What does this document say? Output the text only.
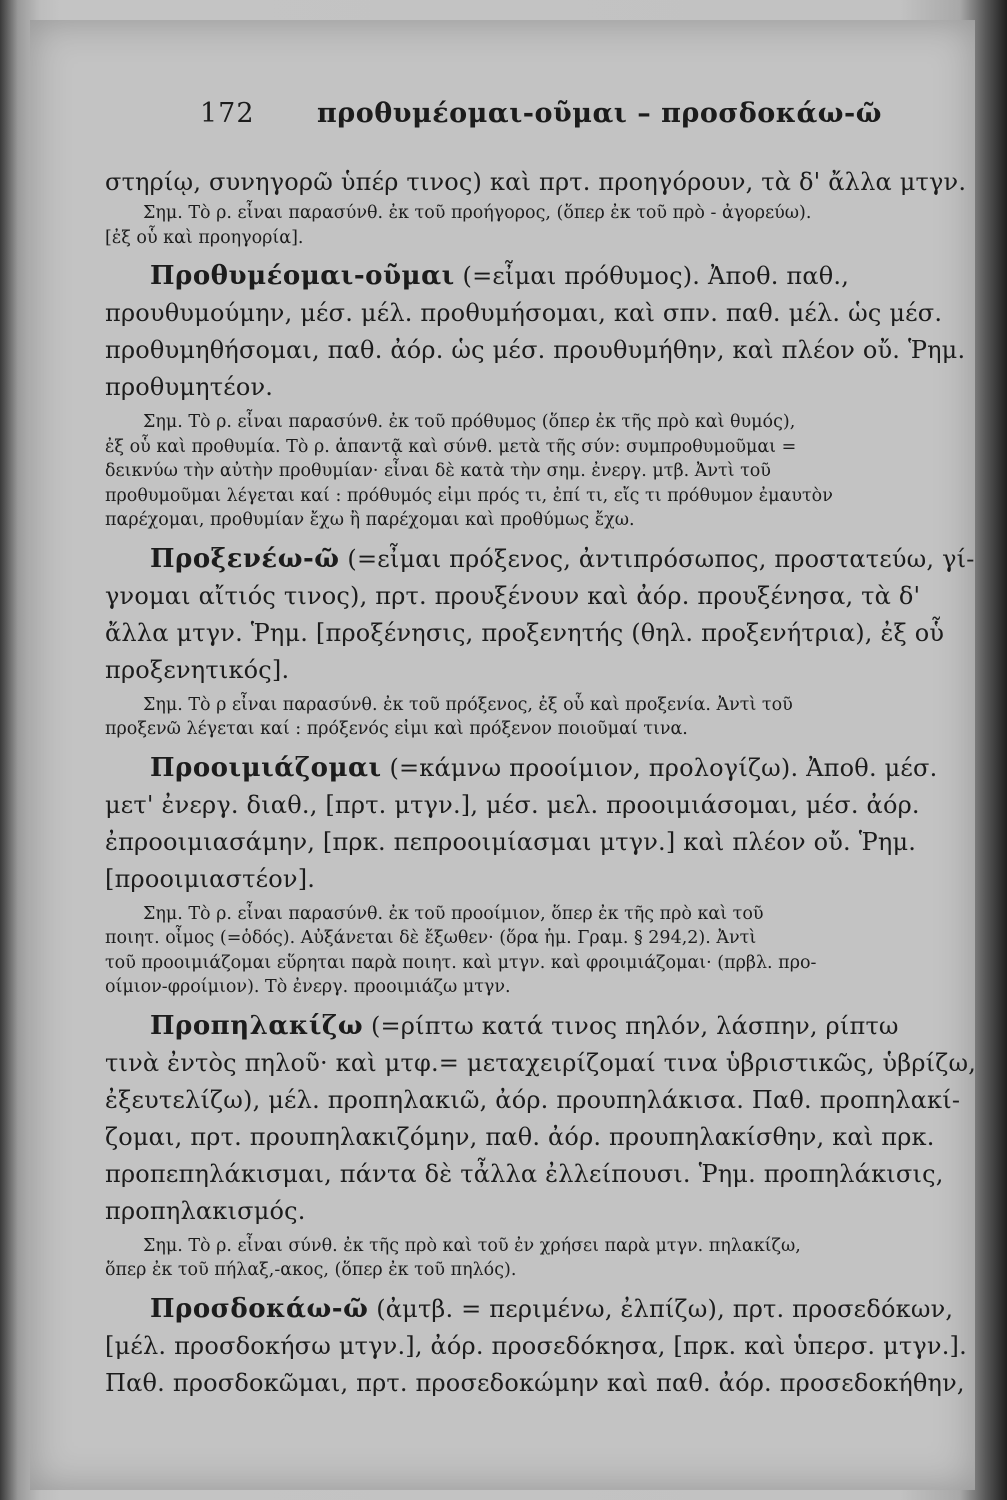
172 προθυμέομαι-οῦμαι – προσδοκάω-ῶ
στηρίῳ, συνηγορῶ ὑπέρ τινος) καὶ πρτ. προηγόρουν, τὰ δ' ἄλλα μτγν.
Σημ. Τὸ ρ. εἶναι παρασύνθ. ἐκ τοῦ προήγορος, (ὅπερ ἐκ τοῦ πρὸ - ἀγορεύω).
[ἐξ οὗ καὶ προηγορία].
Προθυμέομαι-οῦμαι (=εἶμαι πρόθυμος). Ἀποθ. παθ.,
προυθυμούμην, μέσ. μέλ. προθυμήσομαι, καὶ σπν. παθ. μέλ. ὡς μέσ.
προθυμηθήσομαι, παθ. ἀόρ. ὡς μέσ. προυθυμήθην, καὶ πλέον οὔ. Ῥημ.
προθυμητέον.
Σημ. Τὸ ρ. εἶναι παρασύνθ. ἐκ τοῦ πρόθυμος (ὅπερ ἐκ τῆς πρὸ καὶ θυμός),
ἐξ οὗ καὶ προθυμία. Τὸ ρ. ἁπαντᾷ καὶ σύνθ. μετὰ τῆς σύν: συμπροθυμοῦμαι =
δεικνύω τὴν αὐτὴν προθυμίαν· εἶναι δὲ κατὰ τὴν σημ. ἐνεργ. μτβ. Ἀντὶ τοῦ
προθυμοῦμαι λέγεται καί : πρόθυμός εἰμι πρός τι, ἐπί τι, εἴς τι πρόθυμον ἐμαυτὸν
παρέχομαι, προθυμίαν ἔχω ἢ παρέχομαι καὶ προθύμως ἔχω.
Προξενέω-ῶ (=εἶμαι πρόξενος, ἀντιπρόσωπος, προστατεύω, γί-
γνομαι αἴτιός τινος), πρτ. προυξένουν καὶ ἀόρ. προυξένησα, τὰ δ'
ἄλλα μτγν. Ῥημ. [προξένησις, προξενητής (θηλ. προξενήτρια), ἐξ οὗ
προξενητικός].
Σημ. Τὸ ρ εἶναι παρασύνθ. ἐκ τοῦ πρόξενος, ἐξ οὗ καὶ προξενία. Ἀντὶ τοῦ
προξενῶ λέγεται καί : πρόξενός εἰμι καὶ πρόξενον ποιοῦμαί τινα.
Προοιμιάζομαι (=κάμνω προοίμιον, προλογίζω). Ἀποθ. μέσ.
μετ' ἐνεργ. διαθ., [πρτ. μτγν.], μέσ. μελ. προοιμιάσομαι, μέσ. ἀόρ.
ἐπροοιμιασάμην, [πρκ. πεπροοιμίασμαι μτγν.] καὶ πλέον οὔ. Ῥημ.
[προοιμιαστέον].
Σημ. Τὸ ρ. εἶναι παρασύνθ. ἐκ τοῦ προοίμιον, ὅπερ ἐκ τῆς πρὸ καὶ τοῦ
ποιητ. οἶμος (=ὁδός). Αὐξάνεται δὲ ἔξωθεν· (ὅρα ἡμ. Γραμ. § 294,2). Ἀντὶ
τοῦ προοιμιάζομαι εὕρηται παρὰ ποιητ. καὶ μτγν. καὶ φροιμιάζομαι· (πρβλ. προ-
οίμιον-φροίμιον). Τὸ ἐνεργ. προοιμιάζω μτγν.
Προπηλακίζω (=ρίπτω κατά τινος πηλόν, λάσπην, ρίπτω
τινὰ ἐντὸς πηλοῦ· καὶ μτφ.= μεταχειρίζομαί τινα ὑβριστικῶς, ὑβρίζω,
ἐξευτελίζω), μέλ. προπηλακιῶ, ἀόρ. προυπηλάκισα. Παθ. προπηλακί-
ζομαι, πρτ. προυπηλακιζόμην, παθ. ἀόρ. προυπηλακίσθην, καὶ πρκ.
προπεπηλάκισμαι, πάντα δὲ τἆλλα ἐλλείπουσι. Ῥημ. προπηλάκισις,
προπηλακισμός.
Σημ. Τὸ ρ. εἶναι σύνθ. ἐκ τῆς πρὸ καὶ τοῦ ἐν χρήσει παρὰ μτγν. πηλακίζω,
ὅπερ ἐκ τοῦ πήλαξ,-ακος, (ὅπερ ἐκ τοῦ πηλός).
Προσδοκάω-ῶ (ἀμτβ. = περιμένω, ἐλπίζω), πρτ. προσεδόκων,
[μέλ. προσδοκήσω μτγν.], ἀόρ. προσεδόκησα, [πρκ. καὶ ὑπερσ. μτγν.].
Παθ. προσδοκῶμαι, πρτ. προσεδοκώμην καὶ παθ. ἀόρ. προσεδοκήθην,
